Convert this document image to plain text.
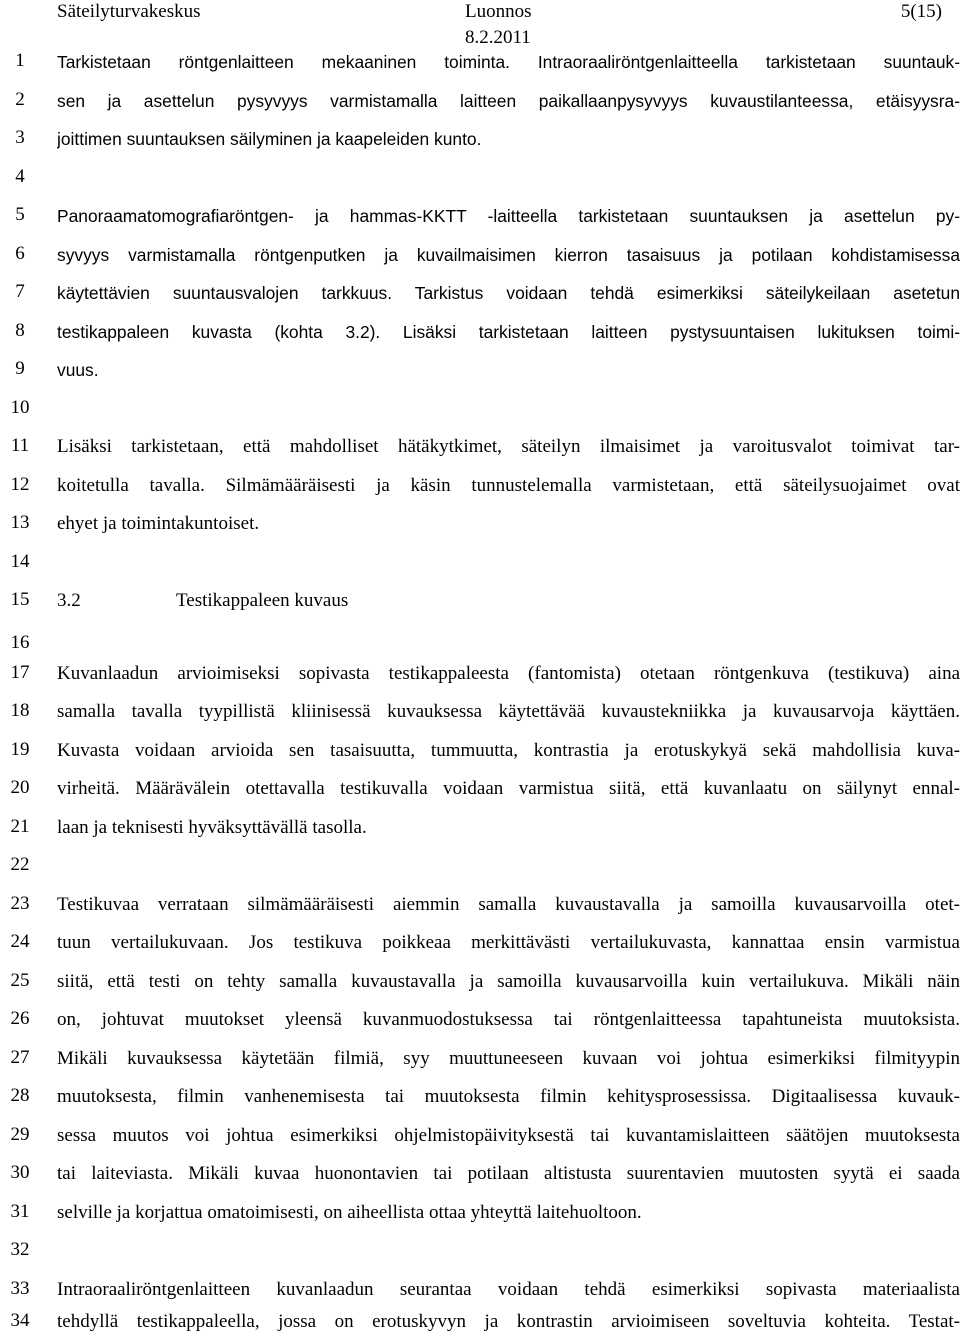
Säteilyturvakeskus	Luonnos
8.2.2011
5(15)
1
2
3
4
5
6
7
8
9
10
11
12
13
14
15
16
17
18
19
20
21
22
23
24
25
26
27
28
29
30
31
32
33
34
Tarkistetaan röntgenlaitteen mekaaninen toiminta. Intraoraaliröntgenlaitteella tarkistetaan suuntauk-
sen ja asettelun pysyvyys varmistamalla laitteen paikallaanpysyvyys kuvaustilanteessa, etäisyysra-
joittimen suuntauksen säilyminen ja kaapeleiden kunto.
Panoraamatomografiaröntgen- ja hammas-KKTT -laitteella tarkistetaan suuntauksen ja asettelun py-
syvyys varmistamalla röntgenputken ja kuvailmaisimen kierron tasaisuus ja potilaan kohdistamisessa
käytettävien suuntausvalojen tarkkuus. Tarkistus voidaan tehdä esimerkiksi säteilykeilaan asetetun
testikappaleen kuvasta (kohta 3.2). Lisäksi tarkistetaan laitteen pystysuuntaisen lukituksen toimi-
vuus.
Lisäksi tarkistetaan, että mahdolliset hätäkytkimet, säteilyn ilmaisimet ja varoitusvalot toimivat tar-
koitetulla tavalla. Silmämääräisesti ja käsin tunnustelemalla varmistetaan, että säteilysuojaimet ovat
ehyet ja toimintakuntoiset.
3.2	Testikappaleen kuvaus
Kuvanlaadun arvioimiseksi sopivasta testikappaleesta (fantomista) otetaan röntgenkuva (testikuva) aina
samalla tavalla tyypillistä kliinisessä kuvauksessa käytettävää kuvaustekniikka ja kuvausarvoja käyttäen.
Kuvasta voidaan arvioida sen tasaisuutta, tummuutta, kontrastia ja erotuskykyä sekä mahdollisia kuva-
virheitä. Määrävälein otettavalla testikuvalla voidaan varmistua siitä, että kuvanlaatu on säilynyt ennal-
laan ja teknisesti hyväksyttävällä tasolla.
Testikuvaa verrataan silmämääräisesti aiemmin samalla kuvaustavalla ja samoilla kuvausarvoilla otet-
tuun vertailukuvaan. Jos testikuva poikkeaa merkittävästi vertailukuvasta, kannattaa ensin varmistua
siitä, että testi on tehty samalla kuvaustavalla ja samoilla kuvausarvoilla kuin vertailukuva. Mikäli näin
on, johtuvat muutokset yleensä kuvanmuodostuksessa tai röntgenlaitteessa tapahtuneista muutoksista.
Mikäli kuvauksessa käytetään filmiä, syy muuttuneeseen kuvaan voi johtua esimerkiksi filmityypin
muutoksesta, filmin vanhenemisesta tai muutoksesta filmin kehitysprosessissa. Digitaalisessa kuvauk-
sessa muutos voi johtua esimerkiksi ohjelmistopäivityksestä tai kuvantamislaitteen säätöjen muutoksesta
tai laiteviasta. Mikäli kuvaa huonontavien tai potilaan altistusta suurentavien muutosten syytä ei saada
selville ja korjattua omatoimisesti, on aiheellista ottaa yhteyttä laitehuoltoon.
Intraoraaliröntgenlaitteen kuvanlaadun seurantaa voidaan tehdä esimerkiksi sopivasta materiaalista
tehdyllä testikappaleella, jossa on erotuskyvyn ja kontrastin arvioimiseen soveltuvia kohteita. Testat-
